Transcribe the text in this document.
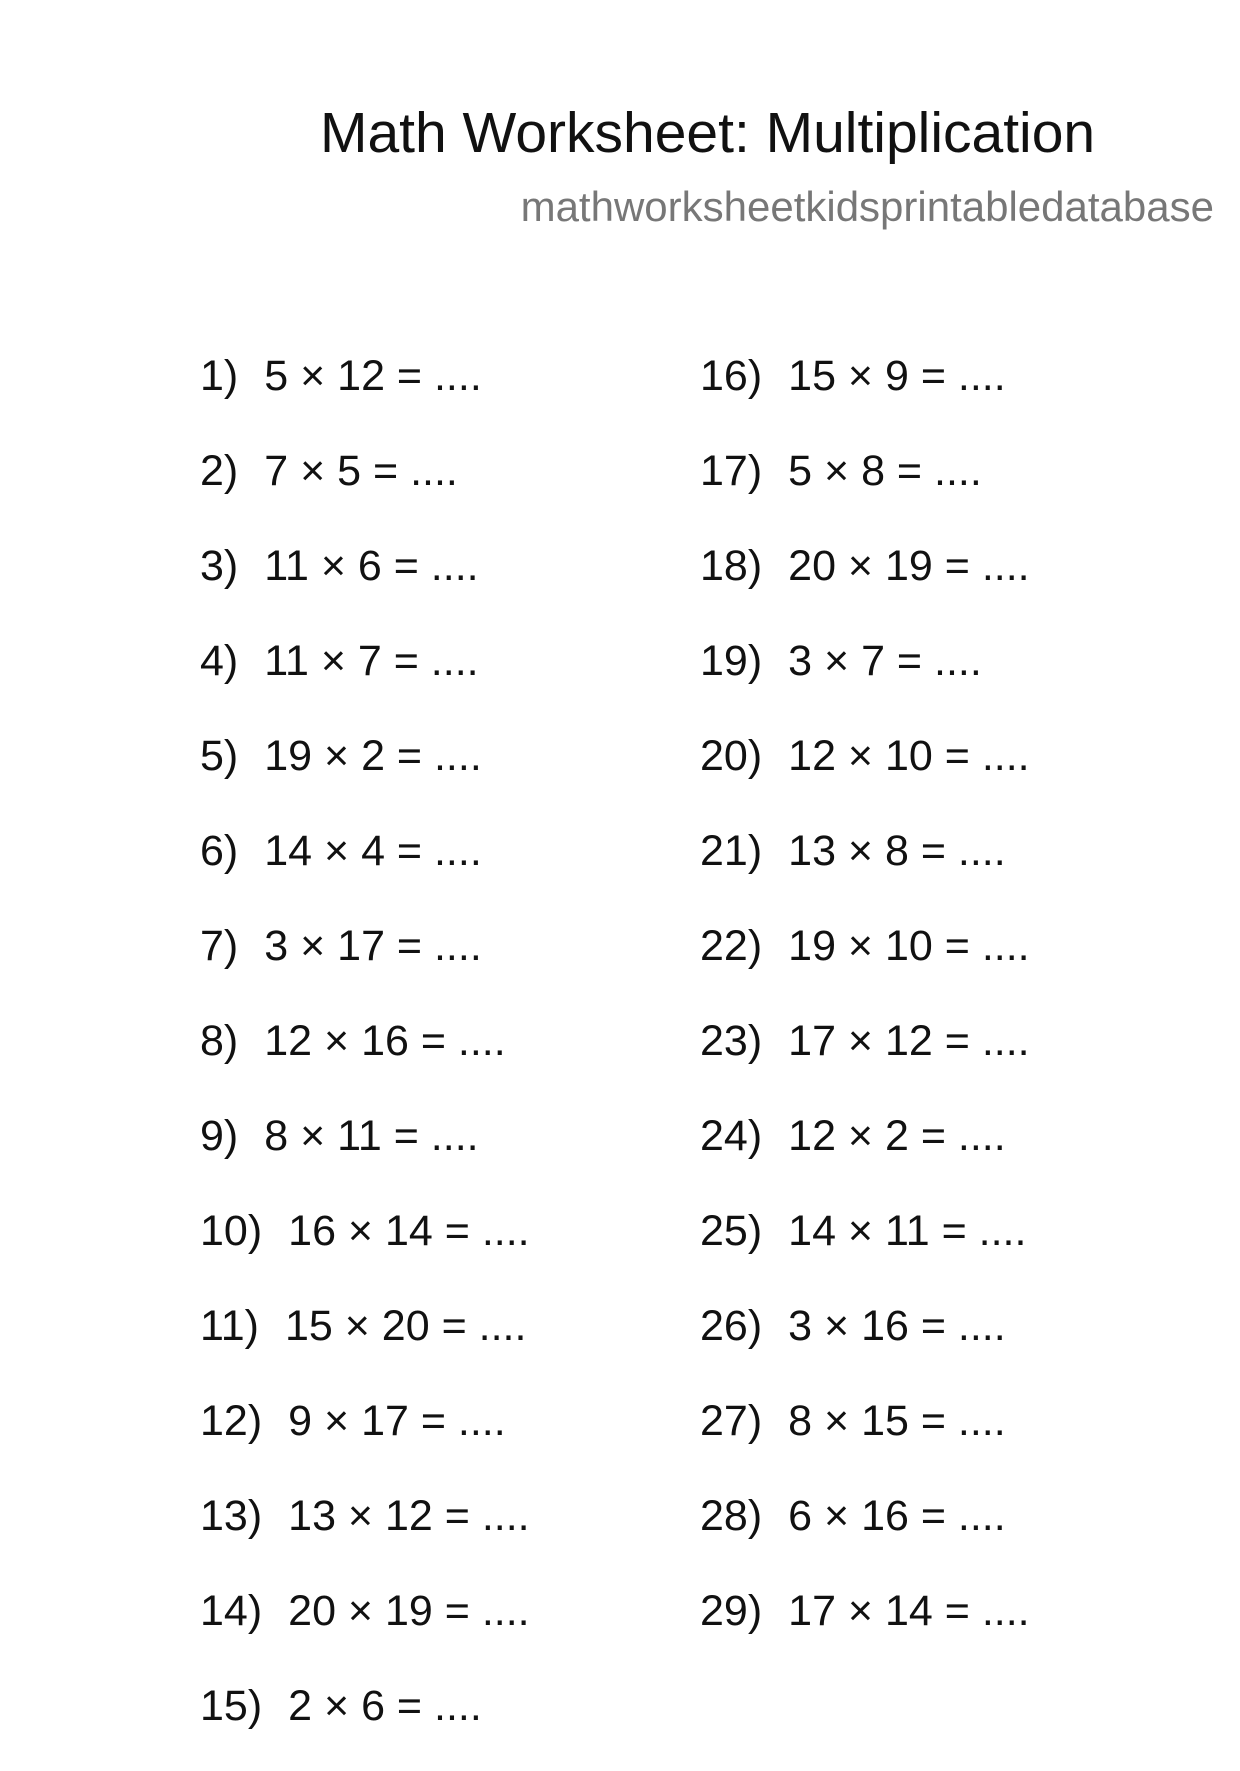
Math Worksheet: Multiplication
mathworksheetkidsprintabledatabase
1) 5 × 12 = ....
2) 7 × 5 = ....
3) 11 × 6 = ....
4) 11 × 7 = ....
5) 19 × 2 = ....
6) 14 × 4 = ....
7) 3 × 17 = ....
8) 12 × 16 = ....
9) 8 × 11 = ....
10) 16 × 14 = ....
11) 15 × 20 = ....
12) 9 × 17 = ....
13) 13 × 12 = ....
14) 20 × 19 = ....
15) 2 × 6 = ....
16) 15 × 9 = ....
17) 5 × 8 = ....
18) 20 × 19 = ....
19) 3 × 7 = ....
20) 12 × 10 = ....
21) 13 × 8 = ....
22) 19 × 10 = ....
23) 17 × 12 = ....
24) 12 × 2 = ....
25) 14 × 11 = ....
26) 3 × 16 = ....
27) 8 × 15 = ....
28) 6 × 16 = ....
29) 17 × 14 = ....
